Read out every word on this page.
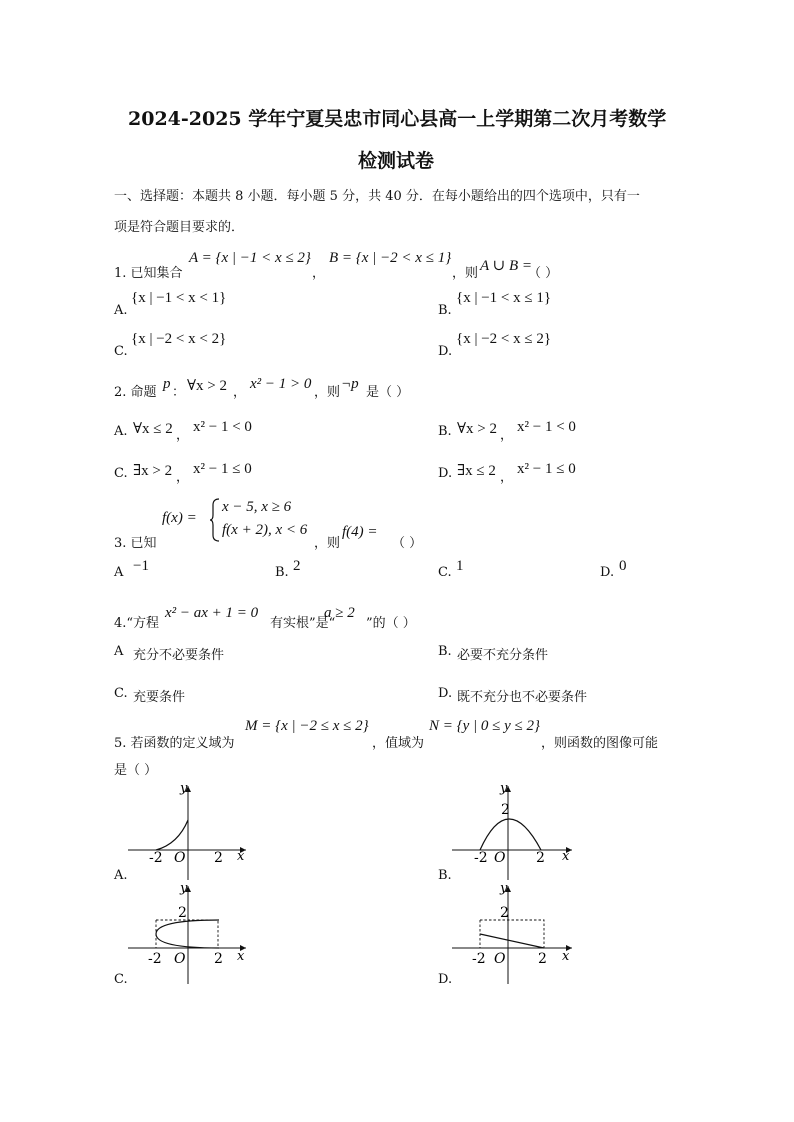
2024-2025 学年宁夏吴忠市同心县高一上学期第二次月考数学
检测试卷
一、选择题：本题共 8 小题．每小题 5 分，共 40 分．在每小题给出的四个选项中，只有一
项是符合题目要求的．
1. 已知集合
A = {x | −1 < x ≤ 2}
，
B = {x | −2 < x ≤ 1}
，则 A ∪ B =
（ ）
A.
{x | −1 < x < 1}
B.
{x | −1 < x ≤ 1}
C.
{x | −2 < x < 2}
D.
{x | −2 < x ≤ 2}
2. 命题
p
： ∀x > 2 ，
x² − 1 > 0
，则
¬p
是（ ）
A. ∀x ≤ 2 ，
x² − 1 < 0	B. ∀x > 2 ，
x² − 1 < 0
C. ∃x > 2 ，
x² − 1 ≤ 0	D. ∃x ≤ 2 ，
x² − 1 ≤ 0
3. 已知
f(x) =
x − 5, x ≥ 6
f(x + 2), x < 6
，则
f(4) =
（ ）
A −1	B. 2	C. 1	D. 0
4.“方程
x² − ax + 1 = 0
有实根”是“
a ≥ 2
”的（ ）
A 充分不必要条件	B. 必要不充分条件
C. 充要条件	D. 既不充分也不必要条件
5. 若函数的定义域为
M = {x | −2 ≤ x ≤ 2}
，值域为
N = {y | 0 ≤ y ≤ 2}
，则函数的图像可能
是（ ）
y
x
O
-2	2
A.
y
x
O
-2	2
2
B.
y
x
O
-2	2
2
C.
y
x
O
-2	2
2
D.
